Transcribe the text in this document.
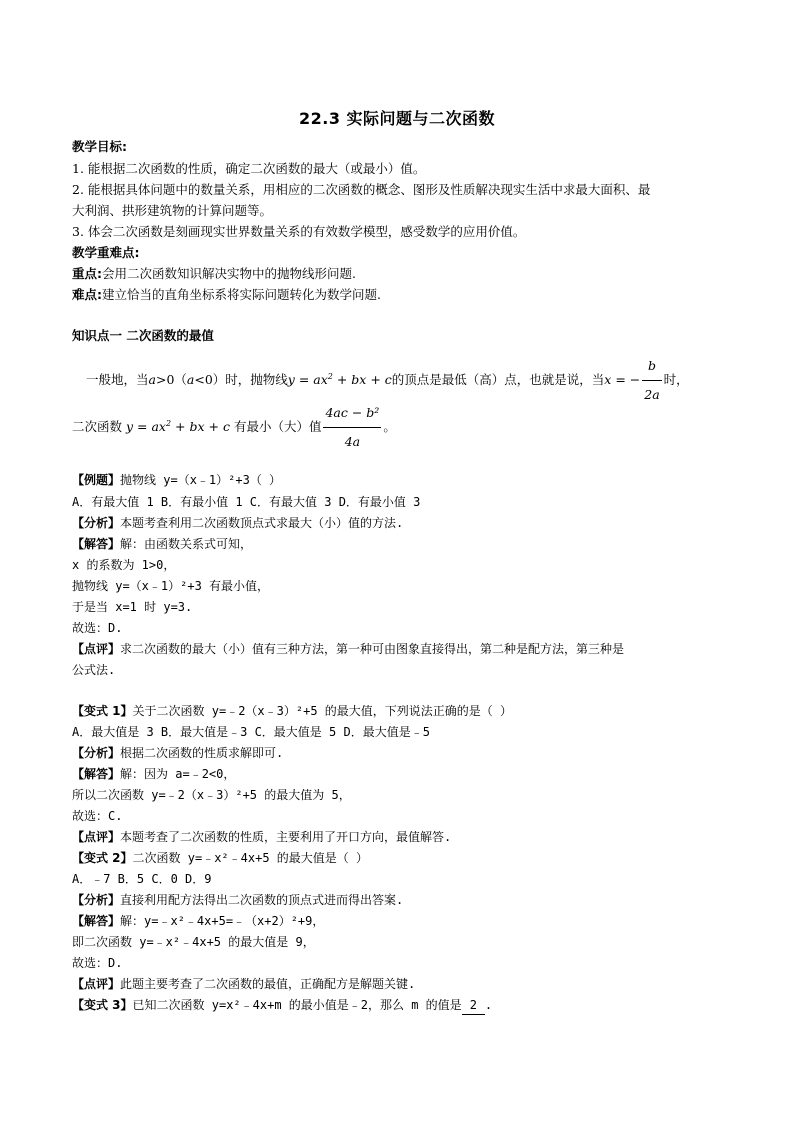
22.3 实际问题与二次函数
教学目标:
1. 能根据二次函数的性质，确定二次函数的最大（或最小）值。
2. 能根据具体问题中的数量关系，用相应的二次函数的概念、图形及性质解决现实生活中求最大面积、最
大利润、拱形建筑物的计算问题等。
3. 体会二次函数是刻画现实世界数量关系的有效数学模型，感受数学的应用价值。
教学重难点:
重点:会用二次函数知识解决实物中的抛物线形问题.
难点:建立恰当的直角坐标系将实际问题转化为数学问题.
知识点一 二次函数的最值
一般地，当a>0（a<0）时，抛物线$y = ax^2$ + bx + c的顶点是最低（高）点，也就是说，当x = − $\frac{b}{2a}$ 时，
二次函数 $y = ax^2$ + bx + c 有最小（大）值 $\frac{\text{4ac − b²}}{4a}$ 。
【例题】抛物线 y=（x﹣1）²+3（ ）
A．有最大值 1 B．有最小值 1 C．有最大值 3 D．有最小值 3
【分析】本题考查利用二次函数顶点式求最大（小）值的方法.
【解答】解：由函数关系式可知，
x 的系数为 1>0，
抛物线 y=（x﹣1）²+3 有最小值，
于是当 x=1 时 y=3.
故选：D.
【点评】求二次函数的最大（小）值有三种方法，第一种可由图象直接得出，第二种是配方法，第三种是
公式法.
【变式 1】关于二次函数 y=﹣2（x﹣3）²+5 的最大值，下列说法正确的是（ ）
A．最大值是 3 B．最大值是﹣3 C．最大值是 5 D．最大值是﹣5
【分析】根据二次函数的性质求解即可.
【解答】解：因为 a=﹣2<0，
所以二次函数 y=﹣2（x﹣3）²+5 的最大值为 5，
故选：C.
【点评】本题考查了二次函数的性质，主要利用了开口方向，最值解答.
【变式 2】二次函数 y=﹣x²﹣4x+5 的最大值是（ ）
A．﹣7 B．5 C．0 D．9
【分析】直接利用配方法得出二次函数的顶点式进而得出答案.
【解答】解：y=﹣x²﹣4x+5=﹣（x+2）²+9，
即二次函数 y=﹣x²﹣4x+5 的最大值是 9，
故选：D.
【点评】此题主要考查了二次函数的最值，正确配方是解题关键.
【变式 3】已知二次函数 y=x²﹣4x+m 的最小值是﹣2，那么 m 的值是 2 .
